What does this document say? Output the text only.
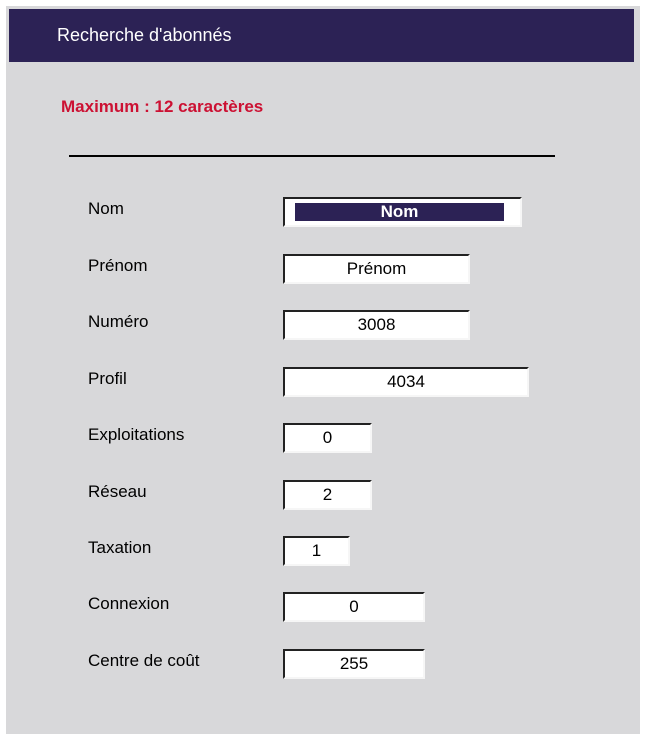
Recherche d'abonnés
Maximum : 12 caractères
Nom	Nom
Prénom	Prénom
Numéro	3008
Profil	4034
Exploitations	0
Réseau	2
Taxation	1
Connexion	0
Centre de coût	255
